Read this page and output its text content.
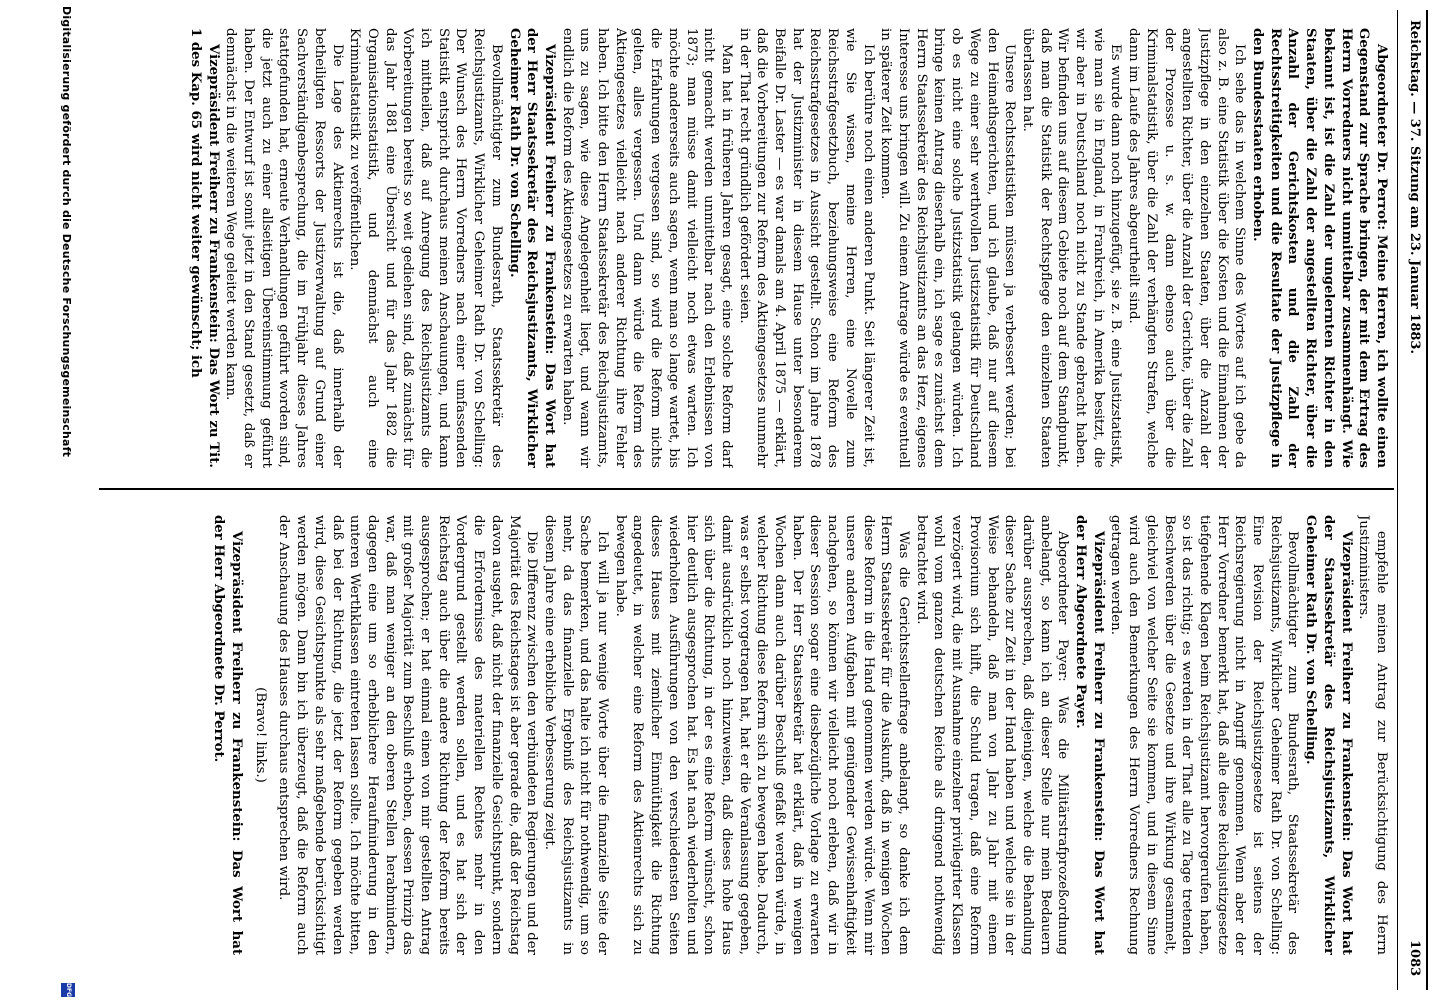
Reichstag. — 37. Sitzung am 23. Januar 1883.
1083

Abgeordneter Dr. Perrot: Meine Herren, ich wollte einen Gegenstand zur Sprache bringen, der mit dem Ertrag des Herrn Vorredners nicht unmittelbar zusammenhängt. Wie bekannt ist, ist die Zahl der ungelernten Richter in den Staaten, über die Zahl der angestellten Richter, über die Anzahl der Gerichtskosten und die Zahl der Rechtsstreitigkeiten und die Resultate der Justizpflege in den Bundesstaaten erhoben.

Ich sehe das in welchem Sinne des Wortes auf ich gebe da also z. B. eine Statistik über die Kosten und die Einnahmen der Justizpflege in den einzelnen Staaten, über die Anzahl der angestellten Richter, über die Anzahl der Gerichte, über die Zahl der Prozesse u. s. w. dann ebenso auch über die Kriminalstatistik, über die Zahl der verhängten Strafen, welche dann im Laufe des Jahres abgeurtheilt sind.

Es wurde dann noch hinzugefügt, sie z. B. eine Justizstatistik, wie man sie in England, in Frankreich, in Amerika besitzt, die wir aber in Deutschland noch nicht zu Stande gebracht haben. Wir befinden uns auf diesem Gebiete noch auf dem Standpunkt, daß man die Statistik der Rechtspflege den einzelnen Staaten überlassen hat.

Unsere Rechtsstatistiken müssen ja verbessert werden; bei den Heimathsgerichten, und ich glaube, daß nur auf diesem Wege zu einer sehr werthvollen Justizstatistik für Deutschland ob es nicht eine solche Justizstatistik gelangen würden. Ich bringe keinen Antrag dieserhalb ein, ich sage es zunächst dem Herrn Staatssekretär des Reichsjustizamts an das Herz, eigenes Interesse uns bringen will. Zu einem Antrage würde es eventuell in späterer Zeit kommen.

Ich berühre noch einen anderen Punkt. Seit längerer Zeit ist, wie Sie wissen, meine Herren, eine Novelle zum Reichsstrafgesetzbuch, beziehungsweise eine Reform des Reichsstrafgesetzes in Aussicht gestellt. Schon im Jahre 1878 hat der Justizminister in diesem Hause unter besonderem Beifalle Dr. Laster — es war damals am 4. April 1875 — erklärt, daß die Vorbereitungen zur Reform des Aktiengesetzes nunmehr in der That recht gründlich gefördert seien.

Man hat in früheren Jahren gesagt, eine solche Reform darf nicht gemacht werden unmittelbar nach den Erlebnissen von 1873; man müsse damit vielleicht noch etwas warten. Ich möchte andererseits auch sagen, wenn man so lange wartet, bis die Erfahrungen vergessen sind, so wird die Reform nichts gelten, alles vergessen. Und dann würde die Reform des Aktiengesetzes vielleicht nach anderer Richtung ihre Fehler haben. Ich bitte den Herrn Staatssekretär des Reichsjustizamts, uns zu sagen, wie diese Angelegenheit liegt, und wann wir endlich die Reform des Aktiengesetzes zu erwarten haben.

Vizepräsident Freiherr zu Frankenstein: Das Wort hat der Herr Staatssekretär des Reichsjustizamts, Wirklicher Geheimer Rath Dr. von Schelling.

Bevollmächtigter zum Bundesrath, Staatssekretär des Reichsjustizamts, Wirklicher Geheimer Rath Dr. von Schelling: Der Wunsch des Herrn Vorredners nach einer umfassenden Statistik entspricht durchaus meinen Anschauungen, und kann ich mittheilen, daß auf Anregung des Reichsjustizamts die Vorbereitungen bereits so weit gediehen sind, daß zunächst für das Jahr 1881 eine Übersicht und für das Jahr 1882 die Organisationsstatistik, und demnächst auch eine Kriminalstatistik zu veröffentlichen.

Die Lage des Aktienrechts ist die, daß innerhalb der betheiligten Ressorts der Justizverwaltung auf Grund einer Sachverständigenbesprechung, die im Frühjahr dieses Jahres stattgefunden hat, erneute Verhandlungen geführt worden sind, die jetzt auch zu einer allseitigen Übereinstimmung geführt haben. Der Entwurf ist somit jetzt in den Stand gesetzt, daß er demnächst in die weiteren Wege geleitet werden kann.

Vizepräsident Freiherr zu Frankenstein: Das Wort zu Tit. 1 des Kap. 65 wird nicht weiter gewünscht; ich

empfehle meinen Antrag zur Berücksichtigung des Herrn Justizministers.

Vizepräsident Freiherr zu Frankenstein: Das Wort hat der Staatssekretär des Reichsjustizamts, Wirklicher Geheimer Rath Dr. von Schelling.

Bevollmächtigter zum Bundesrath, Staatssekretär des Reichsjustizamts, Wirklicher Geheimer Rath Dr. von Schelling: Eine Revision der Reichsjustizgesetze ist seitens der Reichsregierung nicht in Angriff genommen. Wenn aber der Herr Vorredner bemerkt hat, daß alle diese Reichsjustizgesetze tiefgehende Klagen beim Reichsjustizamt hervorgerufen haben, so ist das richtig; es werden in der That alle zu Tage tretenden Beschwerden über die Gesetze und ihre Wirkung gesammelt, gleichviel von welcher Seite sie kommen, und in diesem Sinne wird auch den Bemerkungen des Herrn Vorredners Rechnung getragen werden.

Vizepräsident Freiherr zu Frankenstein: Das Wort hat der Herr Abgeordnete Payer.

Abgeordneter Payer: Was die Militärstrafprozeßordnung anbelangt, so kann ich an dieser Stelle nur mein Bedauern darüber aussprechen, daß diejenigen, welche die Behandlung dieser Sache zur Zeit in der Hand haben und welche sie in der Weise behandeln, daß man von Jahr zu Jahr mit einem Provisorium sich hilft, die Schuld tragen, daß eine Reform verzögert wird, die mit Ausnahme einzelner privilegirter Klassen wohl vom ganzen deutschen Reiche als dringend nothwendig betrachtet wird.

Was die Gerichtsstellenfrage anbelangt, so danke ich dem Herrn Staatssekretär für die Auskunft, daß in wenigen Wochen diese Reform in die Hand genommen werden würde. Wenn mir unsere anderen Aufgaben mit genügender Gewissenhaftigkeit nachgehen, so können wir vielleicht noch erleben, daß wir in dieser Session sogar eine diesbezügliche Vorlage zu erwarten haben. Der Herr Staatssekretär hat erklärt, daß in wenigen Wochen dann auch darüber Beschluß gefaßt werden würde, in welcher Richtung diese Reform sich zu bewegen habe. Dadurch, was er selbst vorgetragen hat, hat er die Veranlassung gegeben, damit ausdrücklich noch hinzuweisen, daß dieses hohe Haus sich über die Richtung, in der es eine Reform wünscht, schon hier deutlich ausgesprochen hat. Es hat nach wiederholten und wiederholten Ausführungen von den verschiedensten Seiten dieses Hauses mit ziemlicher Einmüthigkeit die Richtung angedeutet, in welcher eine Reform des Aktienrechts sich zu bewegen habe.

Ich will ja nur wenige Worte über die finanzielle Seite der Sache bemerken, und das halte ich nicht für nothwendig, um so mehr, da das finanzielle Ergebniß des Reichsjustizamts in diesem Jahre eine erhebliche Verbesserung zeigt.

Die Differenz zwischen den verbündeten Regierungen und der Majorität des Reichstages ist aber gerade die, daß der Reichstag davon ausgeht, daß nicht der finanzielle Gesichtspunkt, sondern die Erfordernisse des materiellen Rechtes mehr in den Vordergrund gestellt werden sollen, und es hat sich der Reichstag auch über die andere Richtung der Reform bereits ausgesprochen; er hat einmal einen von mir gestellten Antrag mit großer Majorität zum Beschluß erhoben, dessen Prinzip das war, daß man weniger an den oberen Stellen herabmindern, dagegen eine um so erheblichere Heraufminderung in den unteren Werthklassen eintreten lassen sollte. Ich möchte bitten, daß bei der Richtung, die jetzt der Reform gegeben werden wird, diese Gesichtspunkte als sehr maßgebende berücksichtigt werden mögen. Dann bin ich überzeugt, daß die Reform auch der Anschauung des Hauses durchaus entsprechen wird.

(Bravo! links.)

Vizepräsident Freiherr zu Frankenstein: Das Wort hat der Herr Abgeordnete Dr. Perrot.

Digitalisierung gefördert durch die Deutsche Forschungsgemeinschaft
DFG
